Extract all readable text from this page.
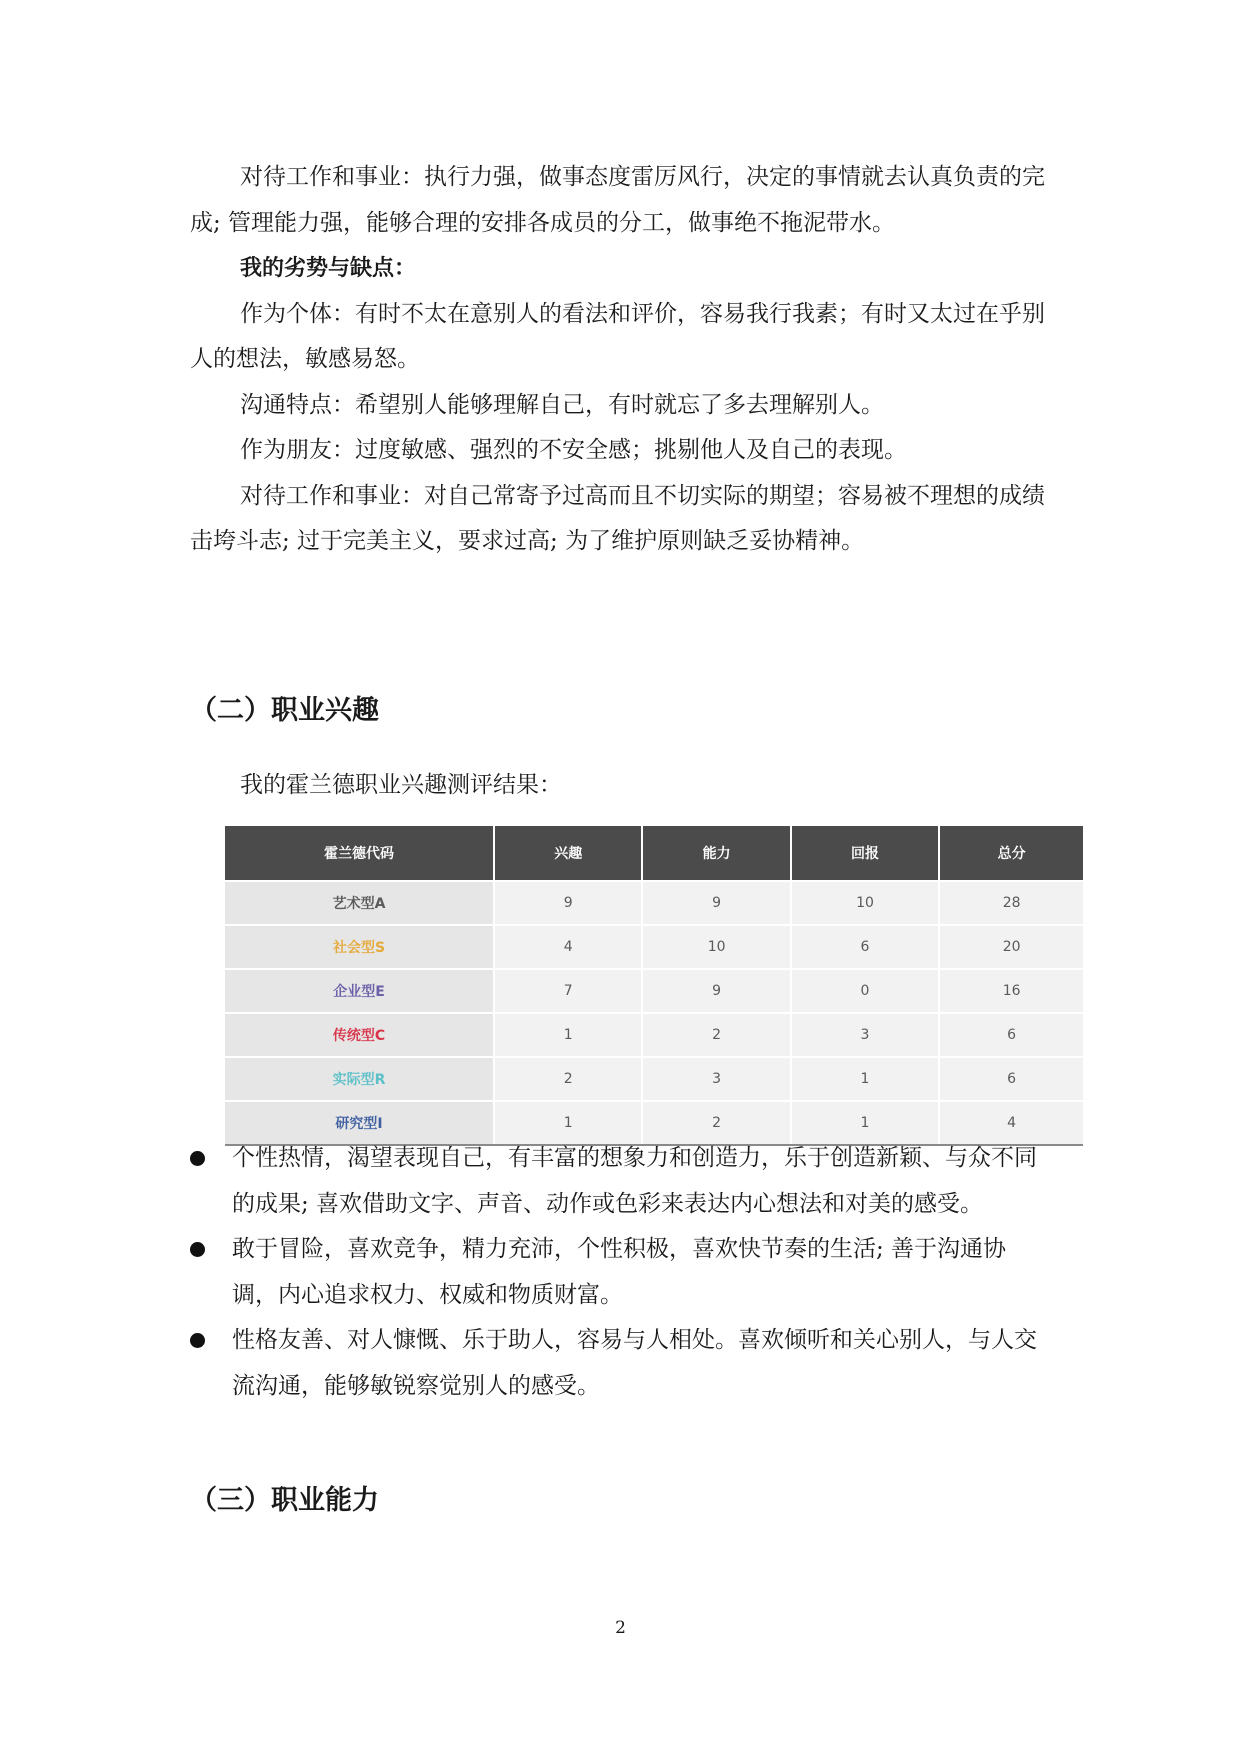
对待工作和事业：执行力强，做事态度雷厉风行，决定的事情就去认真负责的完成; 管理能力强，能够合理的安排各成员的分工，做事绝不拖泥带水。

我的劣势与缺点：

作为个体：有时不太在意别人的看法和评价，容易我行我素；有时又太过在乎别人的想法，敏感易怒。

沟通特点：希望别人能够理解自己，有时就忘了多去理解别人。

作为朋友：过度敏感、强烈的不安全感；挑剔他人及自己的表现。

对待工作和事业：对自己常寄予过高而且不切实际的期望；容易被不理想的成绩击垮斗志; 过于完美主义，要求过高; 为了维护原则缺乏妥协精神。

（二）职业兴趣

我的霍兰德职业兴趣测评结果：

霍兰德代码	兴趣	能力	回报	总分
艺术型A	9	9	10	28
社会型S	4	10	6	20
企业型E	7	9	0	16
传统型C	1	2	3	6
实际型R	2	3	1	6
研究型I	1	2	1	4
个性热情，渴望表现自己，有丰富的想象力和创造力，乐于创造新颖、与众不同的成果; 喜欢借助文字、声音、动作或色彩来表达内心想法和对美的感受。
敢于冒险，喜欢竞争，精力充沛，个性积极，喜欢快节奏的生活; 善于沟通协调，内心追求权力、权威和物质财富。
性格友善、对人慷慨、乐于助人，容易与人相处。喜欢倾听和关心别人，与人交流沟通，能够敏锐察觉别人的感受。
（三）职业能力
2
